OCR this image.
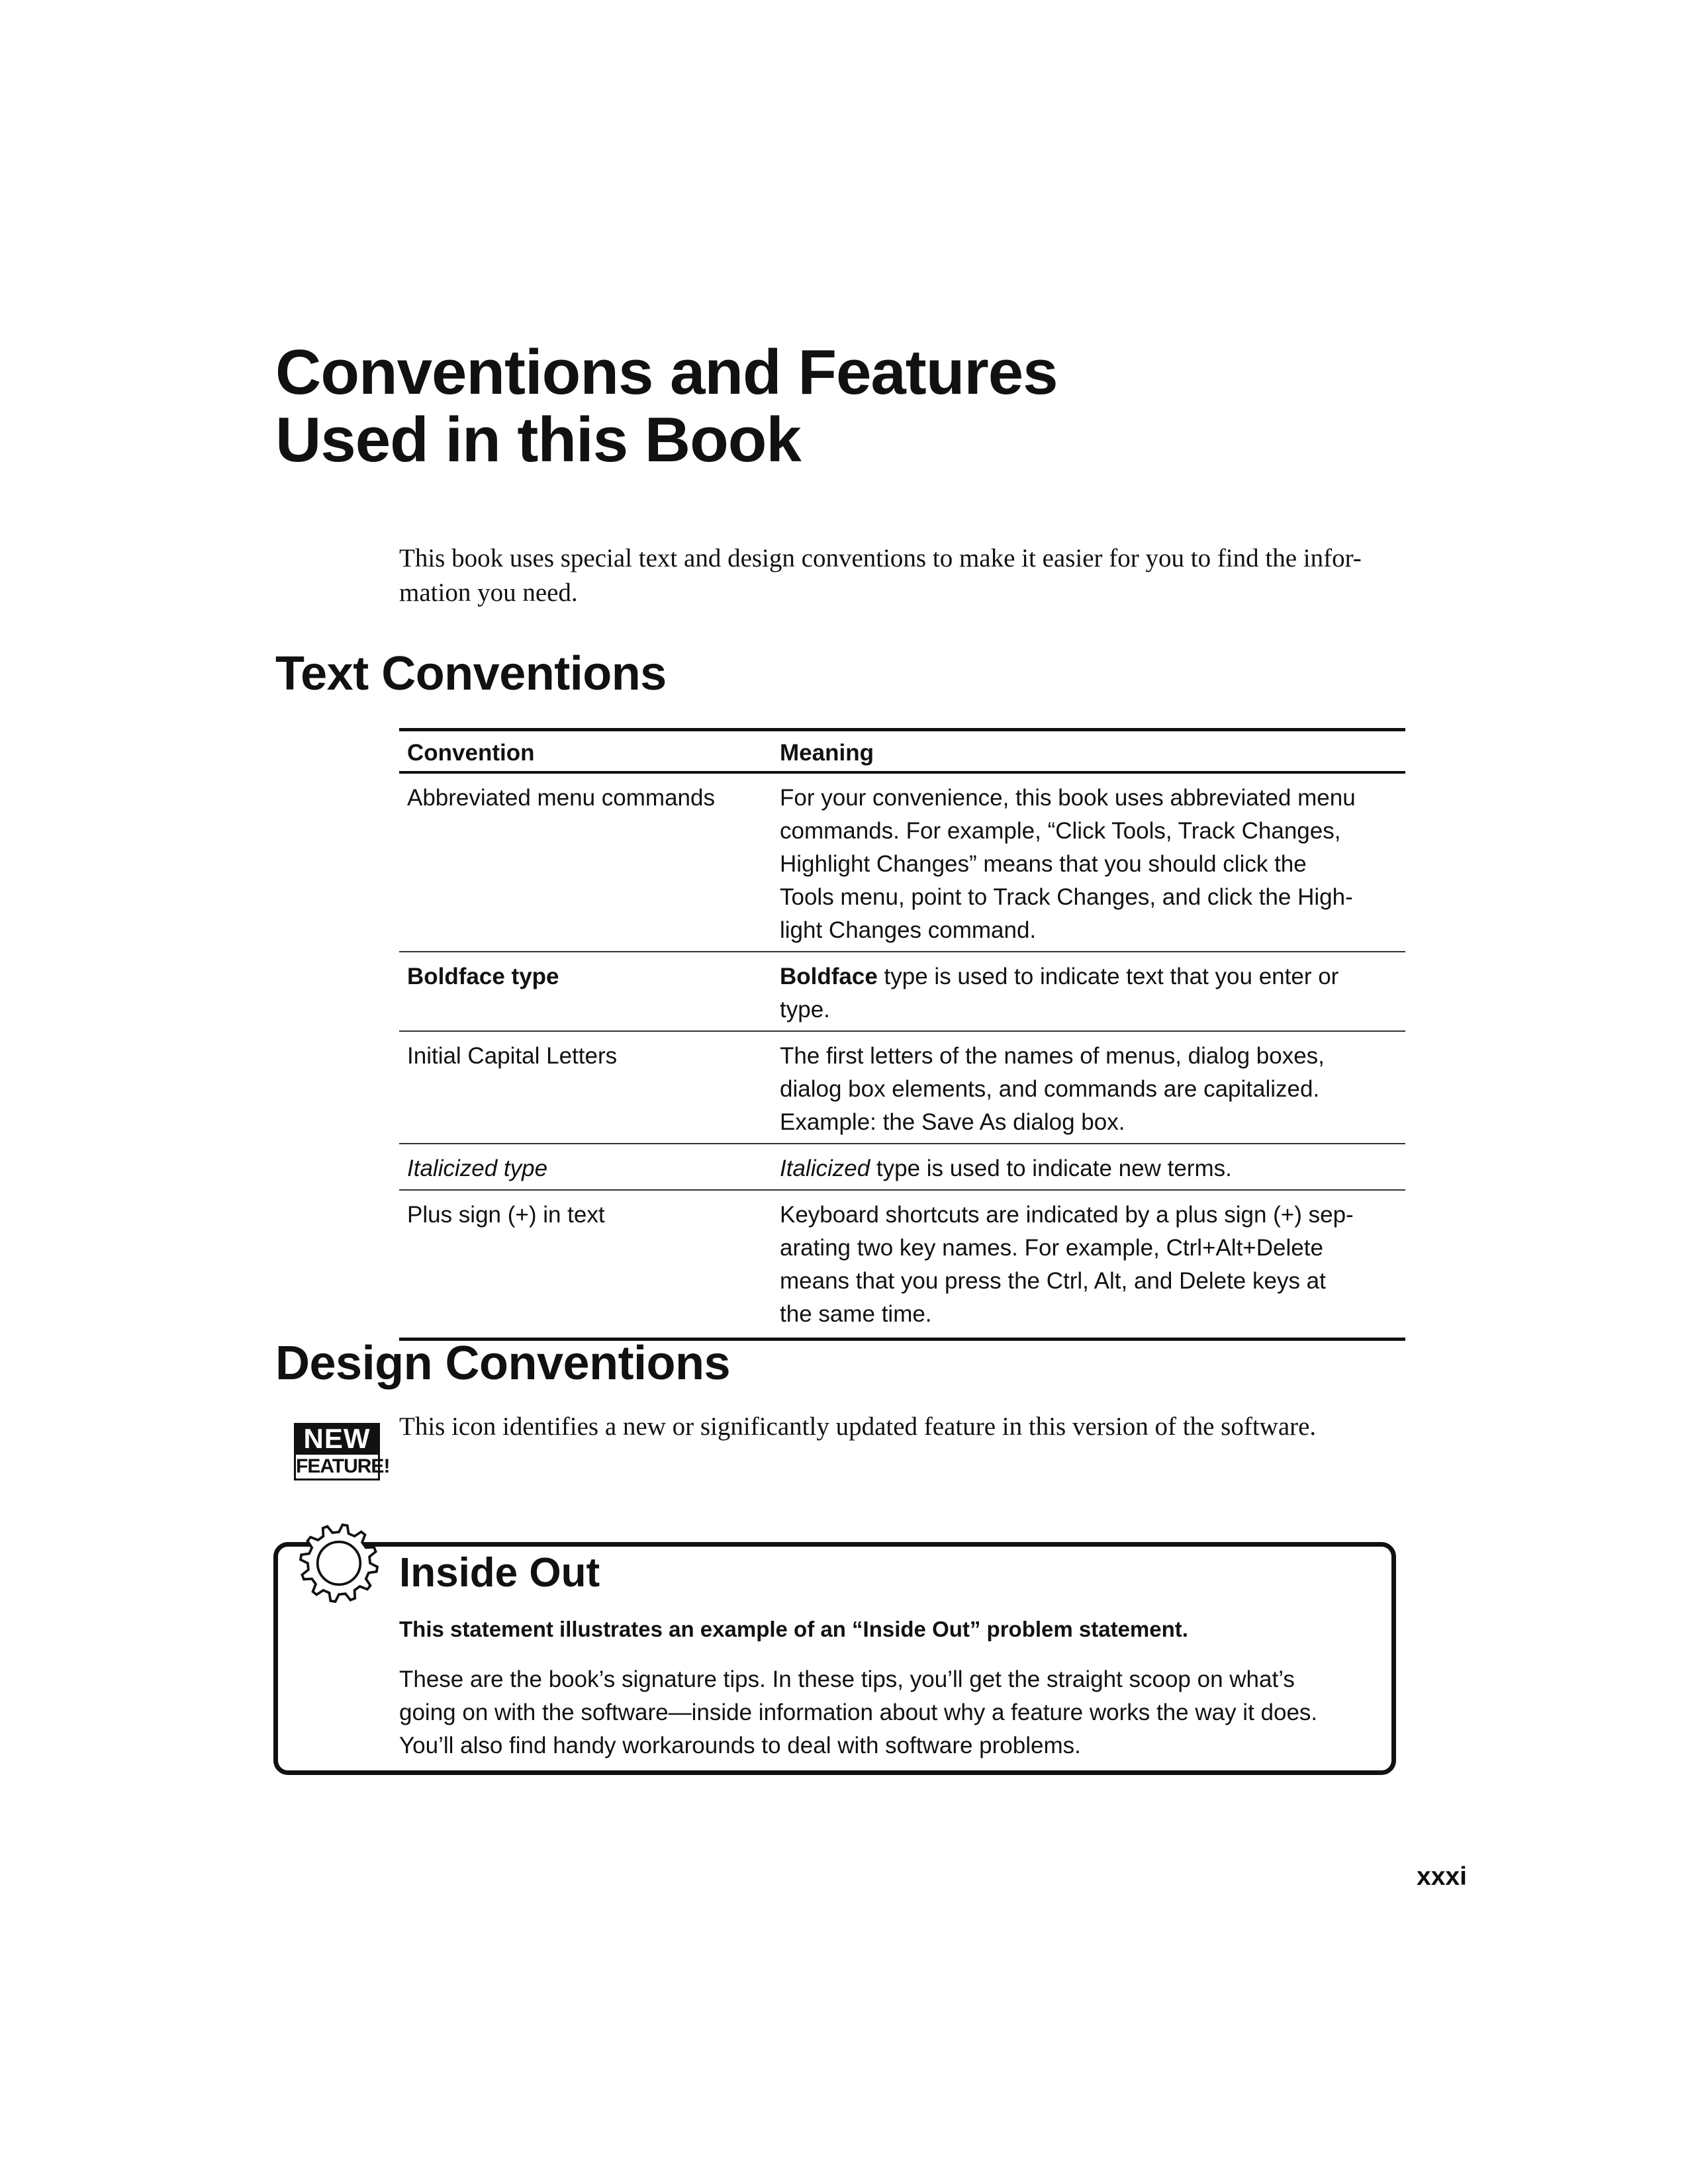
Conventions and Features
Used in this Book

This book uses special text and design conventions to make it easier for you to find the infor-
mation you need.

Text Conventions
Convention	Meaning
Abbreviated menu commands	For your convenience, this book uses abbreviated menu
commands. For example, “Click Tools, Track Changes,
Highlight Changes” means that you should click the
Tools menu, point to Track Changes, and click the High-
light Changes command.
Boldface type	Boldface type is used to indicate text that you enter or
type.
Initial Capital Letters	The first letters of the names of menus, dialog boxes,
dialog box elements, and commands are capitalized.
Example: the Save As dialog box.
Italicized type	Italicized type is used to indicate new terms.
Plus sign (+) in text	Keyboard shortcuts are indicated by a plus sign (+) sep-
arating two key names. For example, Ctrl+Alt+Delete
means that you press the Ctrl, Alt, and Delete keys at
the same time.
Design Conventions
NEW
FEATURE!

This icon identifies a new or significantly updated feature in this version of the software.

Inside Out

This statement illustrates an example of an “Inside Out” problem statement.

These are the book’s signature tips. In these tips, you’ll get the straight scoop on what’s
going on with the software—inside information about why a feature works the way it does.
You’ll also find handy workarounds to deal with software problems.

xxxi
